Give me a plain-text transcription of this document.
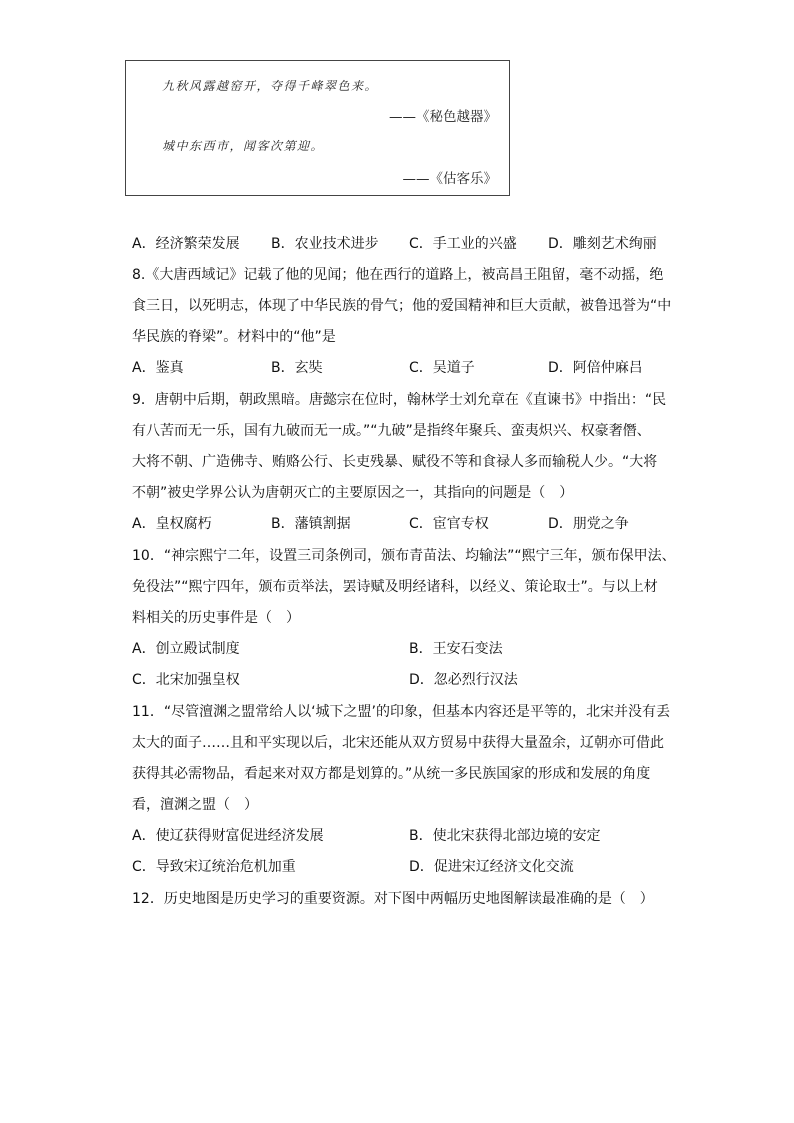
九秋风露越窑开，夺得千峰翠色来。
——《秘色越器》
城中东西市，闻客次第迎。
——《估客乐》
A．经济繁荣发展 B．农业技术进步 C．手工业的兴盛 D．雕刻艺术绚丽
8.《大唐西域记》记载了他的见闻；他在西行的道路上，被高昌王阻留，毫不动摇，绝
食三日，以死明志，体现了中华民族的骨气；他的爱国精神和巨大贡献，被鲁迅誉为“中
华民族的脊梁”。材料中的“他”是
A．鉴真	B．玄奘	C．吴道子	D．阿倍仲麻吕
9．唐朝中后期，朝政黑暗。唐懿宗在位时，翰林学士刘允章在《直谏书》中指出：“民
有八苦而无一乐，国有九破而无一成。”“九破”是指终年聚兵、蛮夷炽兴、权豪奢僭、
大将不朝、广造佛寺、贿赂公行、长吏残暴、赋役不等和食禄人多而输税人少。“大将
不朝”被史学界公认为唐朝灭亡的主要原因之一，其指向的问题是（　）
A．皇权腐朽	B．藩镇割据	C．宦官专权	D．朋党之争
10．“神宗熙宁二年，设置三司条例司，颁布青苗法、均输法”“熙宁三年，颁布保甲法、
免役法”“熙宁四年，颁布贡举法，罢诗赋及明经诸科，以经义、策论取士”。与以上材
料相关的历史事件是（　）
A．创立殿试制度	B．王安石变法
C．北宋加强皇权	D．忽必烈行汉法
11．“尽管澶渊之盟常给人以‘城下之盟’的印象，但基本内容还是平等的，北宋并没有丢
太大的面子……且和平实现以后，北宋还能从双方贸易中获得大量盈余，辽朝亦可借此
获得其必需物品，看起来对双方都是划算的。”从统一多民族国家的形成和发展的角度
看，澶渊之盟（　）
A．使辽获得财富促进经济发展	B．使北宋获得北部边境的安定
C．导致宋辽统治危机加重	D．促进宋辽经济文化交流
12．历史地图是历史学习的重要资源。对下图中两幅历史地图解读最准确的是（　）
